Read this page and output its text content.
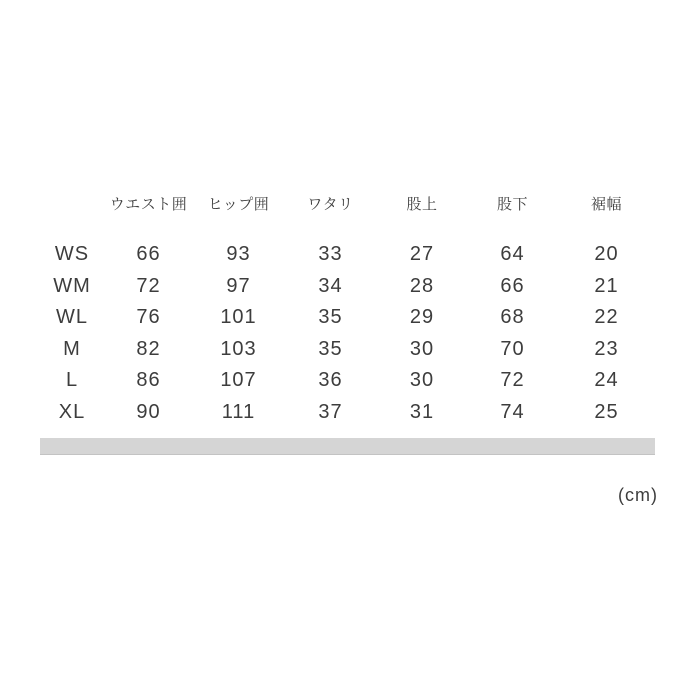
	ウエスト囲	ヒップ囲	ワタリ	股上	股下	裾幅
WS	66	93	33	27	64	20
WM	72	97	34	28	66	21
WL	76	101	35	29	68	22
M	82	103	35	30	70	23
L	86	107	36	30	72	24
XL	90	111	37	31	74	25
(cm)
